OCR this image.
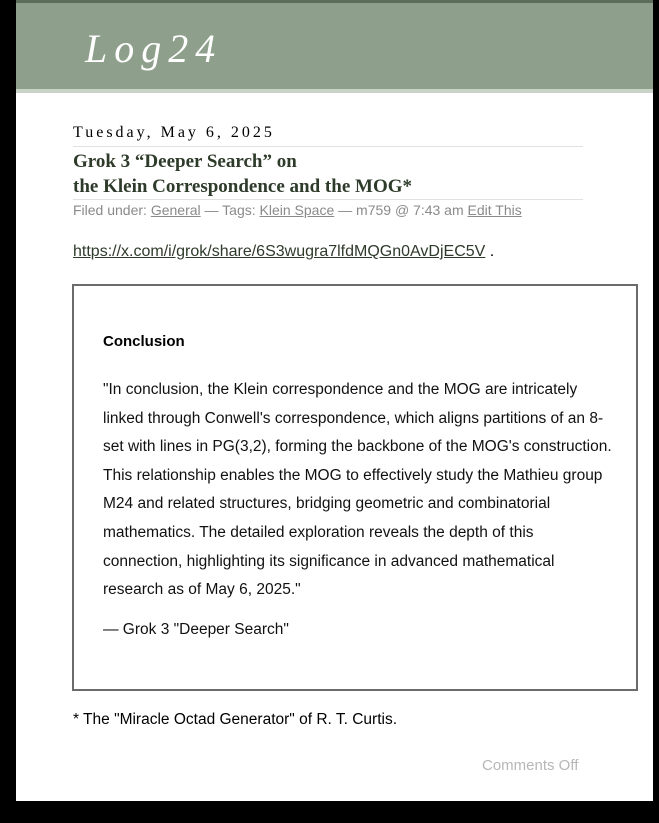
Log24
Tuesday, May 6, 2025
Grok 3 “Deeper Search” on
the Klein Correspondence and the MOG*
Filed under: General — Tags: Klein Space — m759 @ 7:43 am Edit This
https://x.com/i/grok/share/6S3wugra7lfdMQGn0AvDjEC5V .

Conclusion

"In conclusion, the Klein correspondence and the MOG are intricately linked through Conwell's correspondence, which aligns partitions of an 8-set with lines in PG(3,2), forming the backbone of the MOG's construction. This relationship enables the MOG to effectively study the Mathieu group M24 and related structures, bridging geometric and combinatorial mathematics. The detailed exploration reveals the depth of this connection, highlighting its significance in advanced mathematical research as of May 6, 2025."

— Grok 3 "Deeper Search"

* The "Miracle Octad Generator" of R. T. Curtis.
Comments Off
